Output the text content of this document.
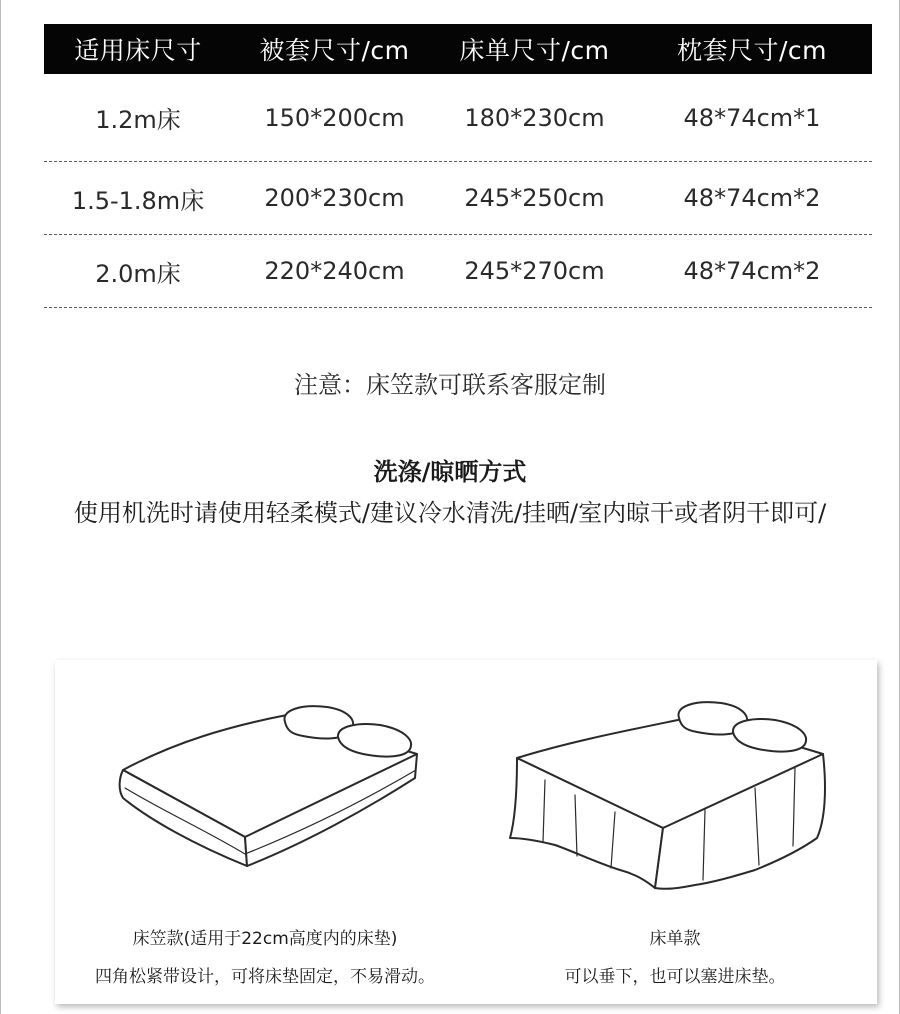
适用床尺寸	被套尺寸/cm	床单尺寸/cm	枕套尺寸/cm
1.2m床	150*200cm	180*230cm	48*74cm*1
1.5-1.8m床	200*230cm	245*250cm	48*74cm*2
2.0m床	220*240cm	245*270cm	48*74cm*2
注意：床笠款可联系客服定制
洗涤/晾晒方式
使用机洗时请使用轻柔模式/建议冷水清洗/挂晒/室内晾干或者阴干即可/
床笠款(适用于22cm高度内的床垫)
四角松紧带设计，可将床垫固定，不易滑动。
床单款
可以垂下，也可以塞进床垫。
